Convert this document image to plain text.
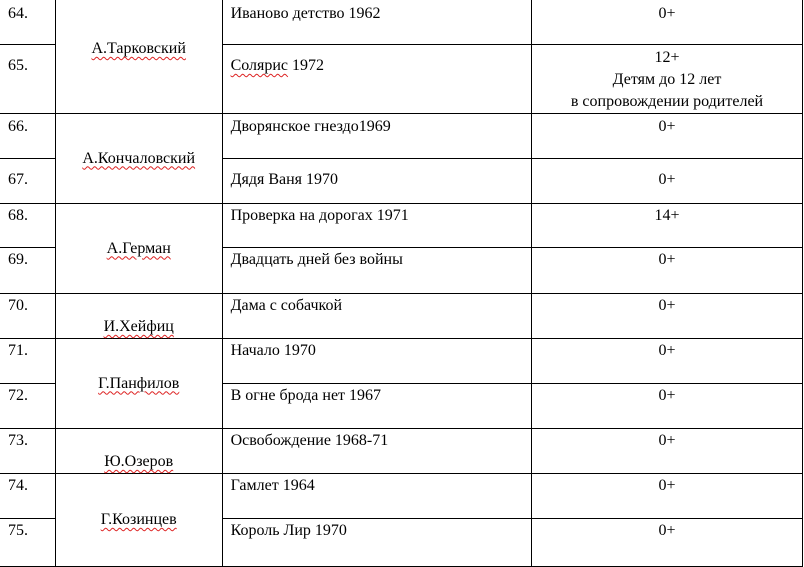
64.	А.Тарковский	Иваново детство 1962	0+
65.		Солярис 1972	12+
Детям до 12 лет
в сопровождении родителей

66.	А.Кончаловский	Дворянское гнездо1969	0+
67.		Дядя Ваня 1970	0+
68.	А.Герман	Проверка на дорогах 1971	14+
69.		Двадцать дней без войны	0+
70.	И.Хейфиц	Дама с собачкой	0+
71.	Г.Панфилов	Начало 1970	0+
72.		В огне брода нет 1967	0+
73.	Ю.Озеров	Освобождение 1968-71	0+
74.	Г.Козинцев	Гамлет 1964	0+
75.		Король Лир 1970	0+
